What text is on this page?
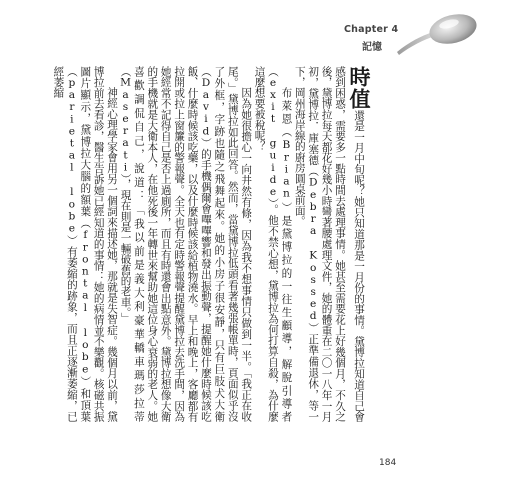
Chapter 4
記憶

時值還是一月中旬呢？她只知道那是一月份的事情。黛博拉知道自己會感到困惑，需要多一點時間去處理事情。她甚至需要花上好幾個月，不久之後，黛博拉每天都花好幾小時彎著腰處理文件，她的體重在二〇一八年一月初，黛博拉．庫塞德（Debra Kossed）正準備退休，等一下，岡州海岸線的廚房圓桌前面。

布萊恩（Brian）是黛博拉的一往生顧導，解脫引導者（exit guide）。他不禁心想，黛博拉為何打算自殺，為什麼這麼想要被稅呢？

因為她很擔心一向井然有條，因為我不想事情只做到一半。「我正在收尾。」黛博拉如此回答。然而，當黛博拉低頭看著幾張帳單時，頁面似乎沒了外框，字跡也隨之飛舞起來。她的小房子很安靜，只有巨肢犬大衛（David）的手機偶爾會嗶嗶響和發出振動聲，提醒她什麼時候該吃飯、什麼時候該吃藥，以及什麼時候該給植物澆水。早上和晚上，客廳都有拉開或拉上窗簾的警報聲。全天也有定時警報聲提醒黛博拉去洗手間，因為她經常不記得自己是否上過廁所，而且有時還會出點意外。黛博拉想像大衛的手機就是大衛本人，在他死後一年轉世來幫助她這位身心衰弱的老人。她喜歡調侃自己，說道：「我以前是義大利豪華轎車瑪莎拉蒂（Maserati），現在則是一輛破舊的老車。」

神經心理學家會用另一個詞來描述她，那就是失智症。幾個月以前，黛博拉前去看診，醫生告訴她已經知道的事情：她的病情並不樂觀。核磁共振圖片顯示，黛博拉大腦的額葉（frontal lobe）和頂葉（parietal lobe）有萎縮的跡象，而且正逐漸萎縮，已經萎縮

184
